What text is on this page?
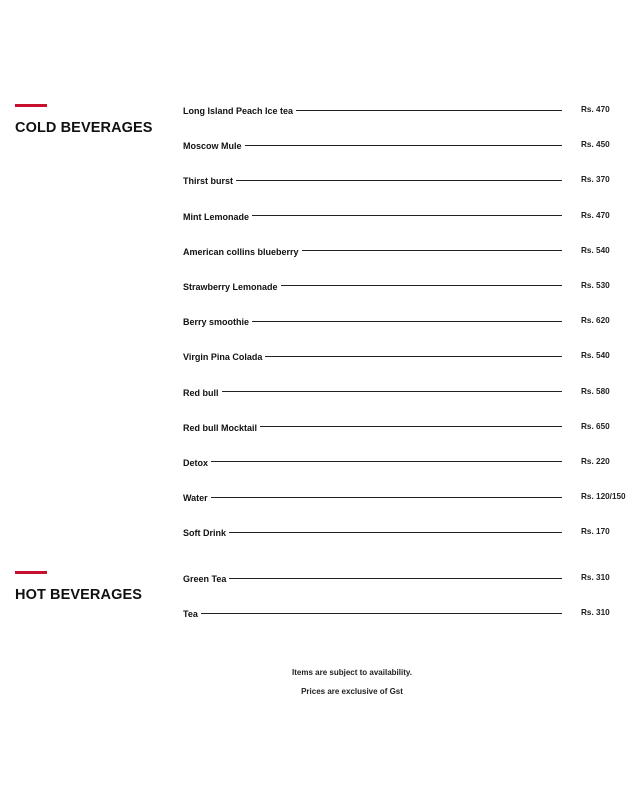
COLD BEVERAGES
Long Island Peach Ice tea	Rs. 470
Moscow Mule	Rs. 450
Thirst burst	Rs. 370
Mint Lemonade	Rs. 470
American collins blueberry	Rs. 540
Strawberry Lemonade	Rs. 530
Berry smoothie	Rs. 620
Virgin Pina Colada	Rs. 540
Red bull	Rs. 580
Red bull Mocktail	Rs. 650
Detox	Rs. 220
Water	Rs. 120/150
Soft Drink	Rs. 170
HOT BEVERAGES
Green Tea	Rs. 310
Tea	Rs. 310

Items are subject to availability.

Prices are exclusive of Gst
